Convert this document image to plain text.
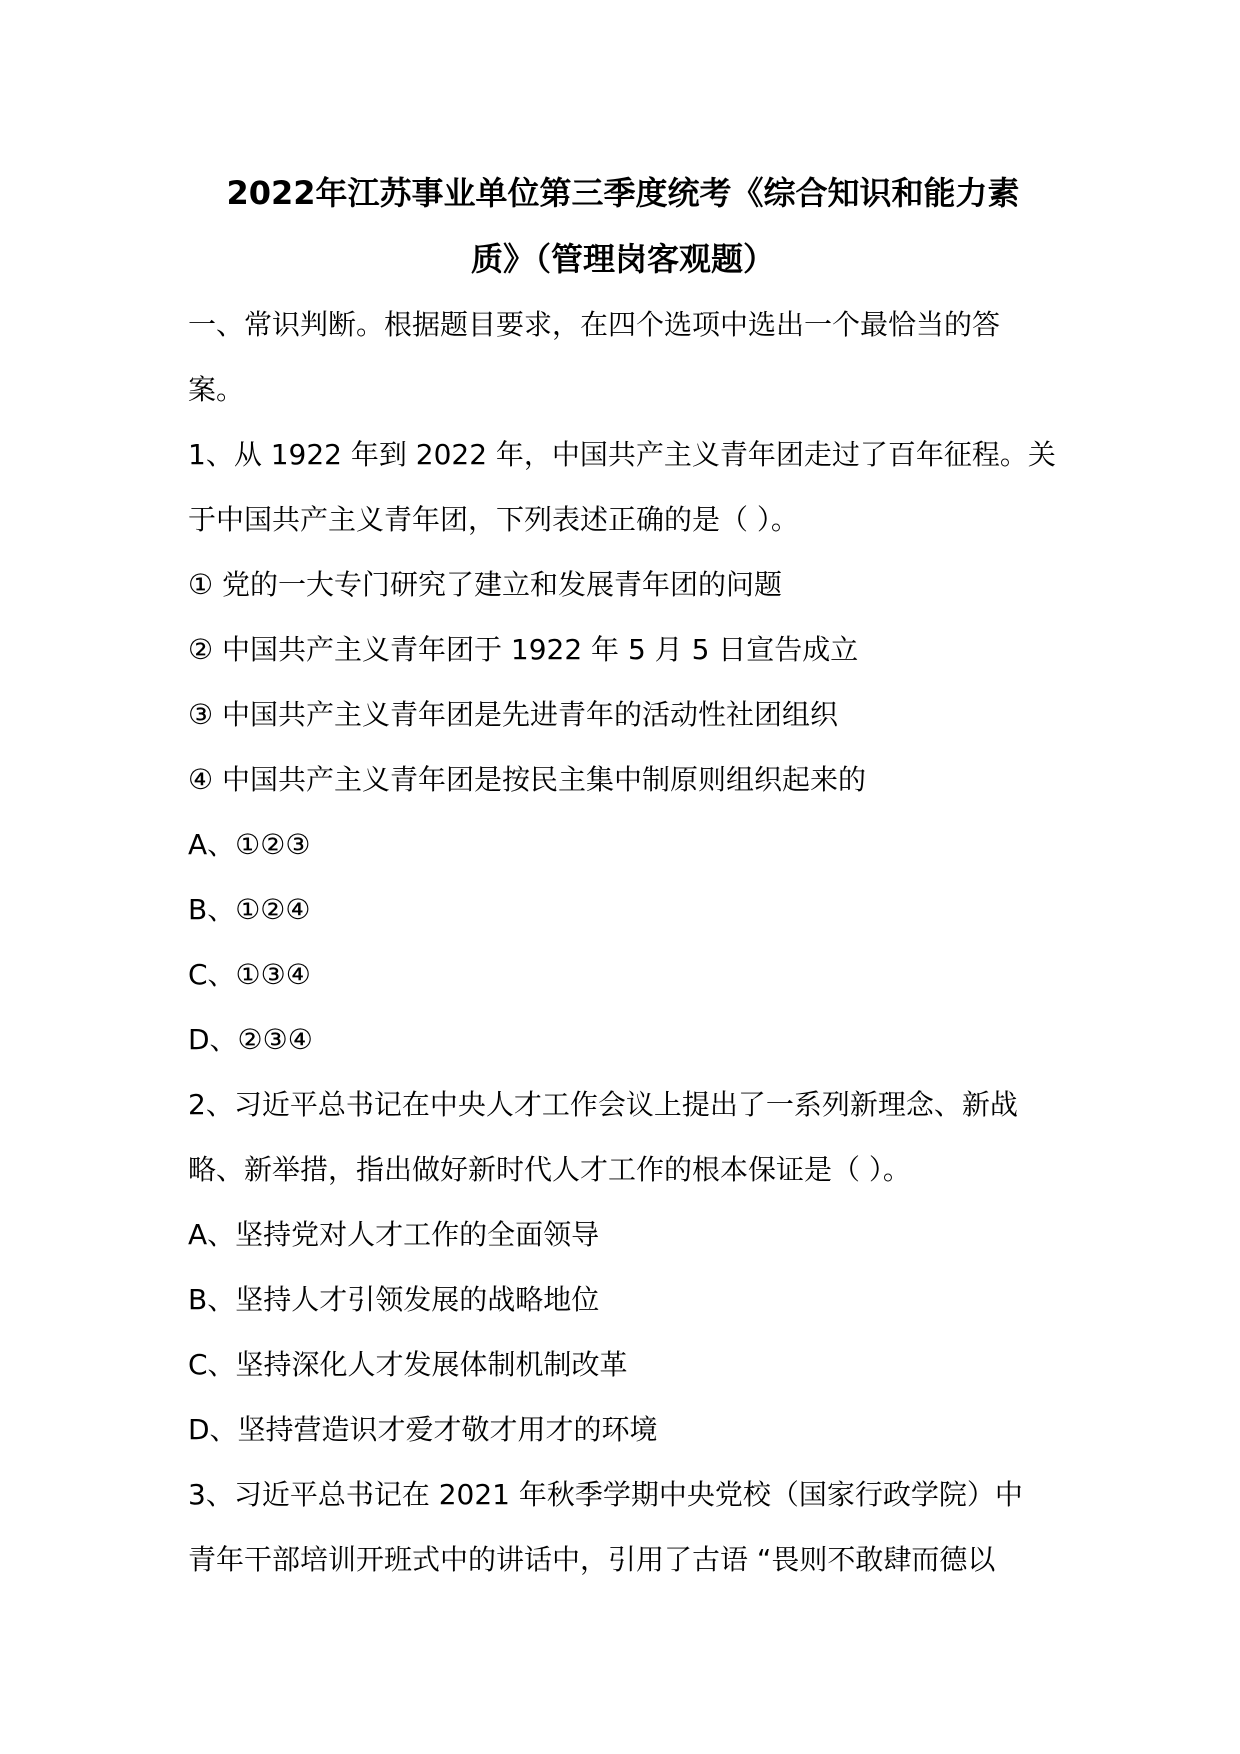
2022年江苏事业单位第三季度统考《综合知识和能力素
质》（管理岗客观题）

一、常识判断。根据题目要求，在四个选项中选出一个最恰当的答

案。

1、从 1922 年到 2022 年，中国共产主义青年团走过了百年征程。关

于中国共产主义青年团，下列表述正确的是（ ）。

① 党的一大专门研究了建立和发展青年团的问题

② 中国共产主义青年团于 1922 年 5 月 5 日宣告成立

③ 中国共产主义青年团是先进青年的活动性社团组织

④ 中国共产主义青年团是按民主集中制原则组织起来的

A、①②③

B、①②④

C、①③④

D、②③④

2、习近平总书记在中央人才工作会议上提出了一系列新理念、新战

略、新举措，指出做好新时代人才工作的根本保证是（ ）。

A、坚持党对人才工作的全面领导

B、坚持人才引领发展的战略地位

C、坚持深化人才发展体制机制改革

D、坚持营造识才爱才敬才用才的环境

3、习近平总书记在 2021 年秋季学期中央党校（国家行政学院）中

青年干部培训开班式中的讲话中，引用了古语 “畏则不敢肆而德以
